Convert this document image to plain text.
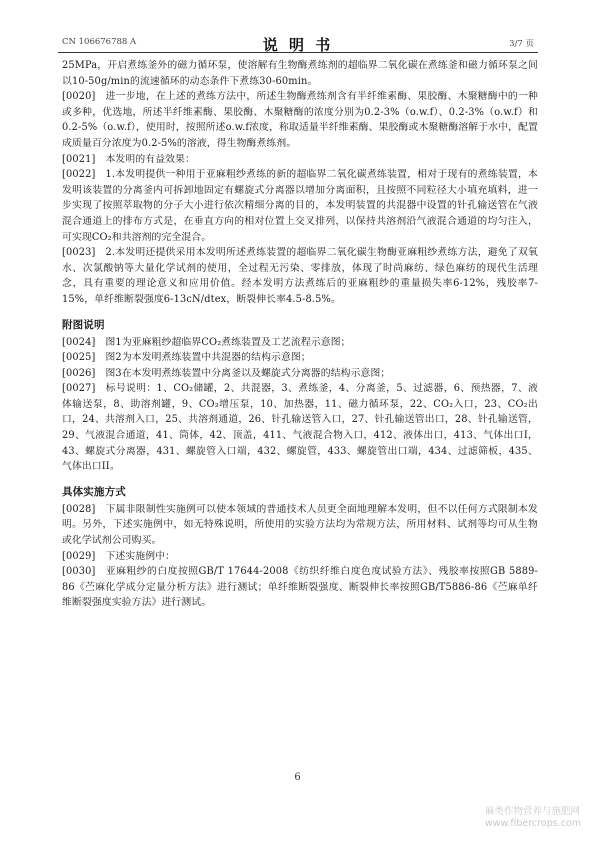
CN 106676788 A	说 明 书	3/7 页

25MPa，开启煮练釜外的磁力循环泵，使溶解有生物酶煮练剂的超临界二氧化碳在煮练釜和磁力循环泵之间以10-50g/min的流速循环的动态条件下煮练30-60min。

[0020] 进一步地，在上述的煮练方法中，所述生物酶煮练剂含有半纤维素酶、果胶酶、木聚糖酶中的一种或多种，优选地，所述半纤维素酶、果胶酶、木聚糖酶的浓度分别为0.2-3%（o.w.f）、0.2-3%（o.w.f）和0.2-5%（o.w.f），使用时，按照所述o.w.f浓度，称取适量半纤维素酶、果胶酶或木聚糖酶溶解于水中，配置成质量百分浓度为0.2-5%的溶液，得生物酶煮练剂。

[0021] 本发明的有益效果：

[0022] 1.本发明提供一种用于亚麻粗纱煮练的新的超临界二氧化碳煮练装置，相对于现有的煮练装置，本发明该装置的分离釜内可拆卸地固定有螺旋式分离器以增加分离面积，且按照不同粒径大小填充填料，进一步实现了按照萃取物的分子大小进行依次精细分离的目的，本发明装置的共混器中设置的针孔输送管在气液混合通道上的排布方式是，在垂直方向的相对位置上交叉排列，以保持共溶剂沿气液混合通道的均匀注入，可实现CO₂和共溶剂的完全混合。

[0023] 2.本发明还提供采用本发明所述煮练装置的超临界二氧化碳生物酶亚麻粗纱煮练方法，避免了双氧水、次氯酸钠等大量化学试剂的使用，全过程无污染、零排放，体现了时尚麻纺、绿色麻纺的现代生活理念，具有重要的理论意义和应用价值。经本发明方法煮练后的亚麻粗纱的重量损失率6-12%，残胶率7-15%，单纤维断裂强度6-13cN/dtex，断裂伸长率4.5-8.5%。

附图说明

[0024] 图1为亚麻粗纱超临界CO₂煮练装置及工艺流程示意图；

[0025] 图2为本发明煮练装置中共混器的结构示意图；

[0026] 图3在本发明煮练装置中分离釜以及螺旋式分离器的结构示意图；

[0027] 标号说明：1、CO₂储罐，2、共混器，3、煮练釜，4、分离釜，5、过滤器，6、预热器，7、液体输送泵，8、助溶剂罐，9、CO₂增压泵，10、加热器，11、磁力循环泵，22、CO₂入口，23、CO₂出口，24、共溶剂入口，25、共溶剂通道，26、针孔输送管入口，27、针孔输送管出口，28、针孔输送管，29、气液混合通道，41、筒体，42、顶盖，411、气液混合物入口，412、液体出口，413、气体出口I，43、螺旋式分离器，431、螺旋管入口端，432、螺旋管，433、螺旋管出口端，434、过滤筛板，435、气体出口II。

具体实施方式

[0028] 下属非限制性实施例可以使本领域的普通技术人员更全面地理解本发明，但不以任何方式限制本发明。另外，下述实施例中，如无特殊说明，所使用的实验方法均为常规方法，所用材料、试剂等均可从生物或化学试剂公司购买。

[0029] 下述实施例中：

[0030] 亚麻粗纱的白度按照GB/T 17644-2008《纺织纤维白度色度试验方法》、残胶率按照GB 5889-86《苎麻化学成分定量分析方法》进行测试；单纤维断裂强度、断裂伸长率按照GB/T5886-86《苎麻单纤维断裂强度实验方法》进行测试。

6
麻类作物营养与施肥网
www.fibercrops.com
